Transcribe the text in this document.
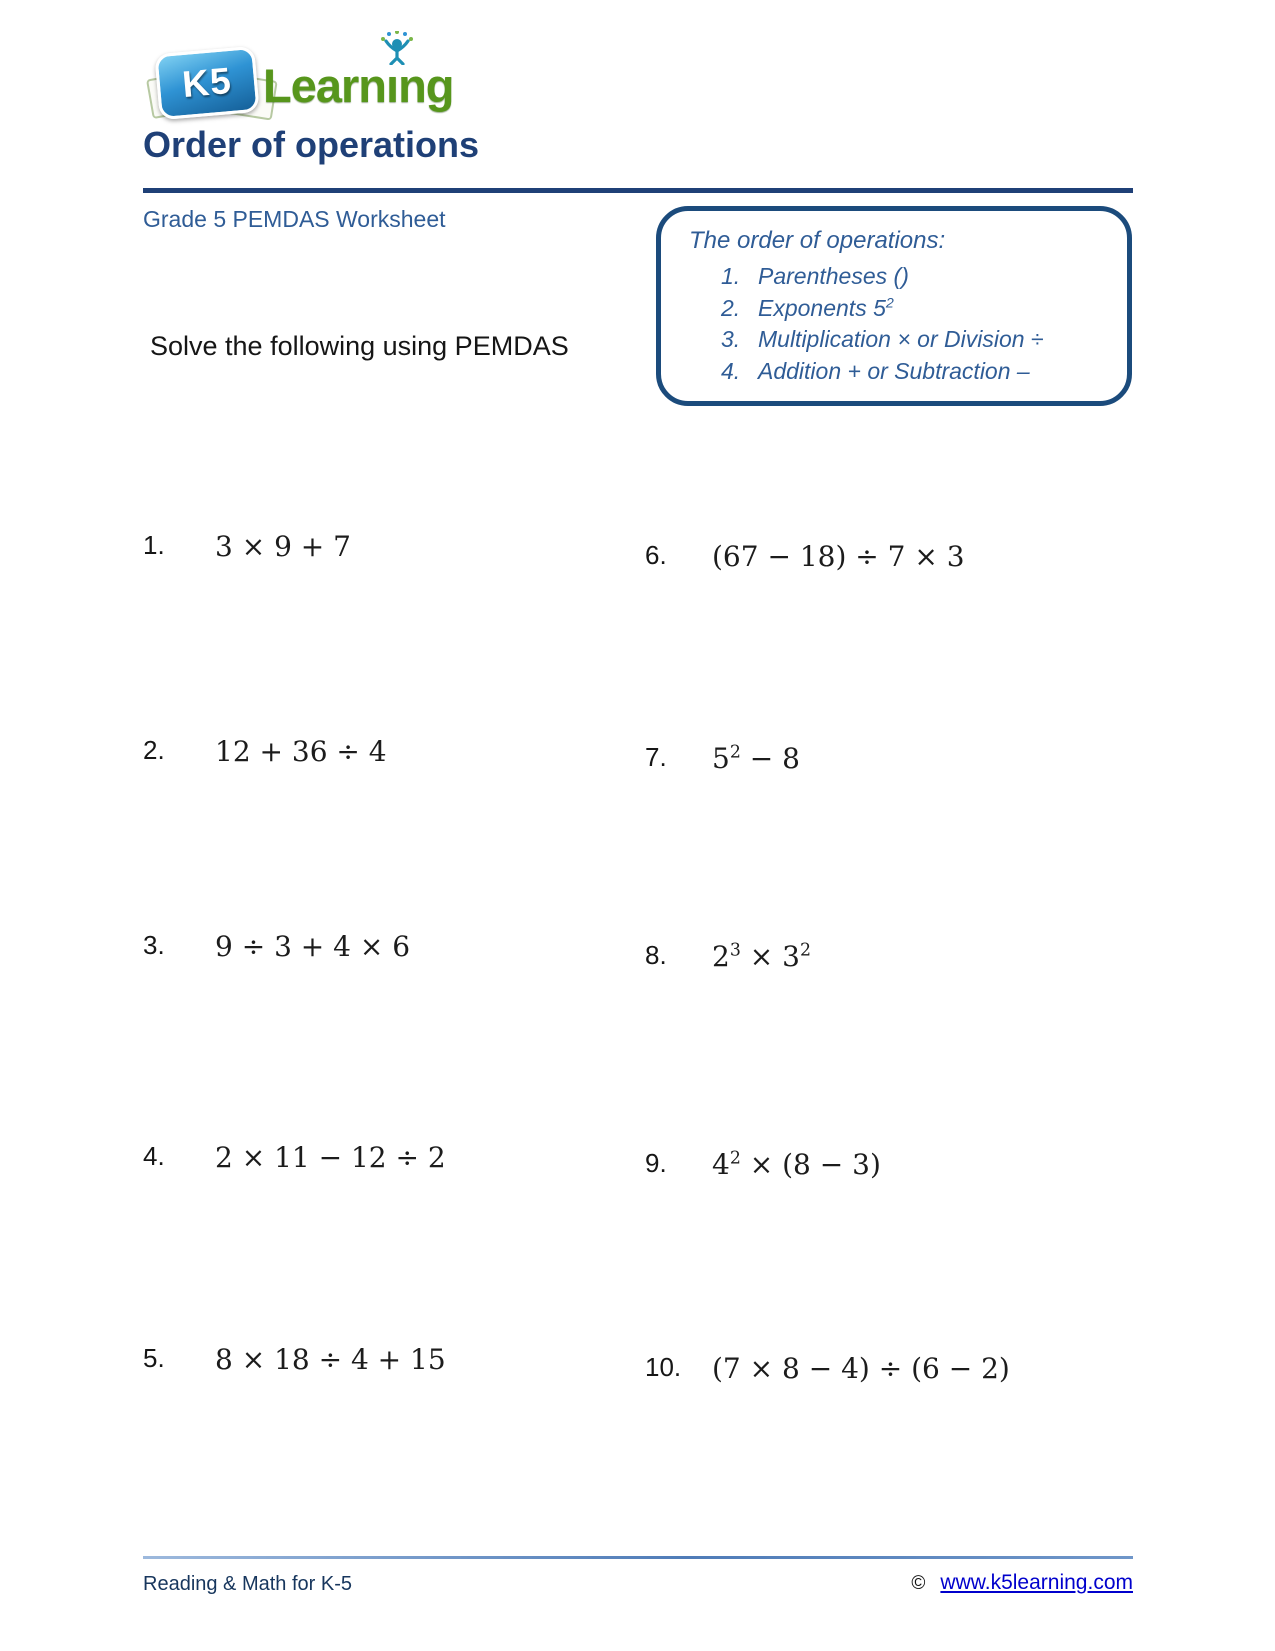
K5 Learnı
ng
Order of operations
Grade 5 PEMDAS Worksheet
Solve the following using PEMDAS
The order of operations:
1. Parentheses ()
2. Exponents $5^2$
3. Multiplication × or Division ÷
4. Addition + or Subtraction –
1.	3 × 9 + 7
2.	12 + 36 ÷ 4
3.	9 ÷ 3 + 4 × 6
4.	2 × 11 − 12 ÷ 2
5.	8 × 18 ÷ 4 + 15
6.	(67 − 18) ÷ 7 × 3
7.	$5^2 - 8$
8.	$2^3 \times 3^2$
9.	$4^2 \times (8 - 3)$
10.	(7 × 8 − 4) ÷ (6 − 2)
Reading & Math for K-5	© www.k5learning.com
